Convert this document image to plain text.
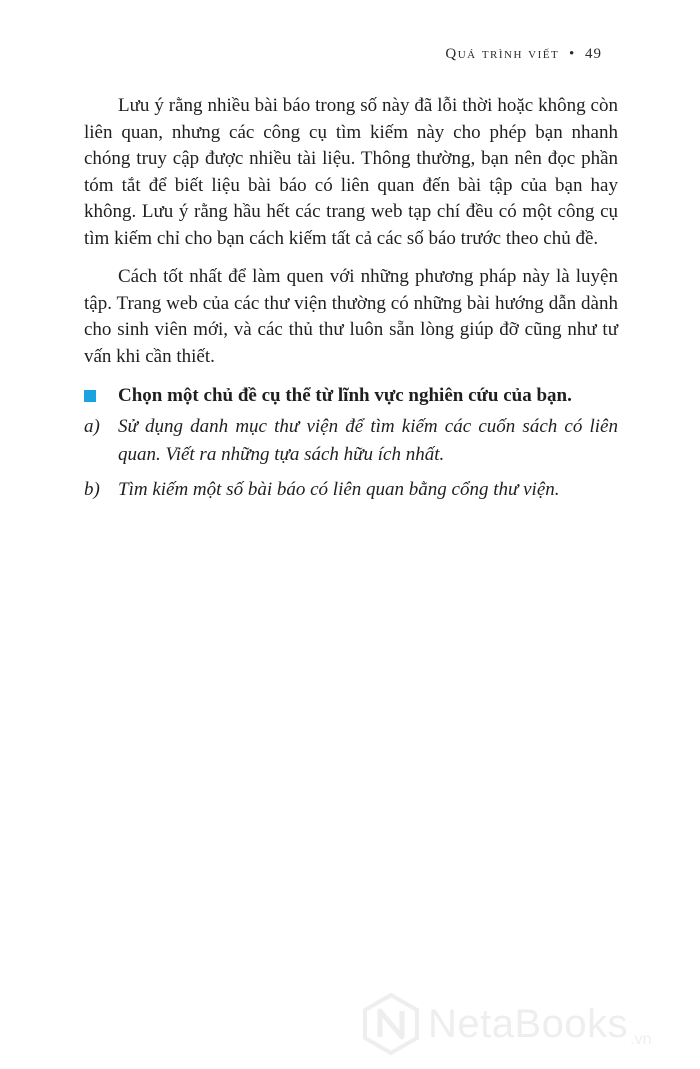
Quá trình viết • 49

Lưu ý rằng nhiều bài báo trong số này đã lỗi thời hoặc không còn liên quan, nhưng các công cụ tìm kiếm này cho phép bạn nhanh chóng truy cập được nhiều tài liệu. Thông thường, bạn nên đọc phần tóm tắt để biết liệu bài báo có liên quan đến bài tập của bạn hay không. Lưu ý rằng hầu hết các trang web tạp chí đều có một công cụ tìm kiếm chỉ cho bạn cách kiếm tất cả các số báo trước theo chủ đề.

Cách tốt nhất để làm quen với những phương pháp này là luyện tập. Trang web của các thư viện thường có những bài hướng dẫn dành cho sinh viên mới, và các thủ thư luôn sẵn lòng giúp đỡ cũng như tư vấn khi cần thiết.

Chọn một chủ đề cụ thể từ lĩnh vực nghiên cứu của bạn.
a) Sử dụng danh mục thư viện để tìm kiếm các cuốn sách có liên quan. Viết ra những tựa sách hữu ích nhất.
b) Tìm kiếm một số bài báo có liên quan bằng cổng thư viện.
NetaBooks .vn
